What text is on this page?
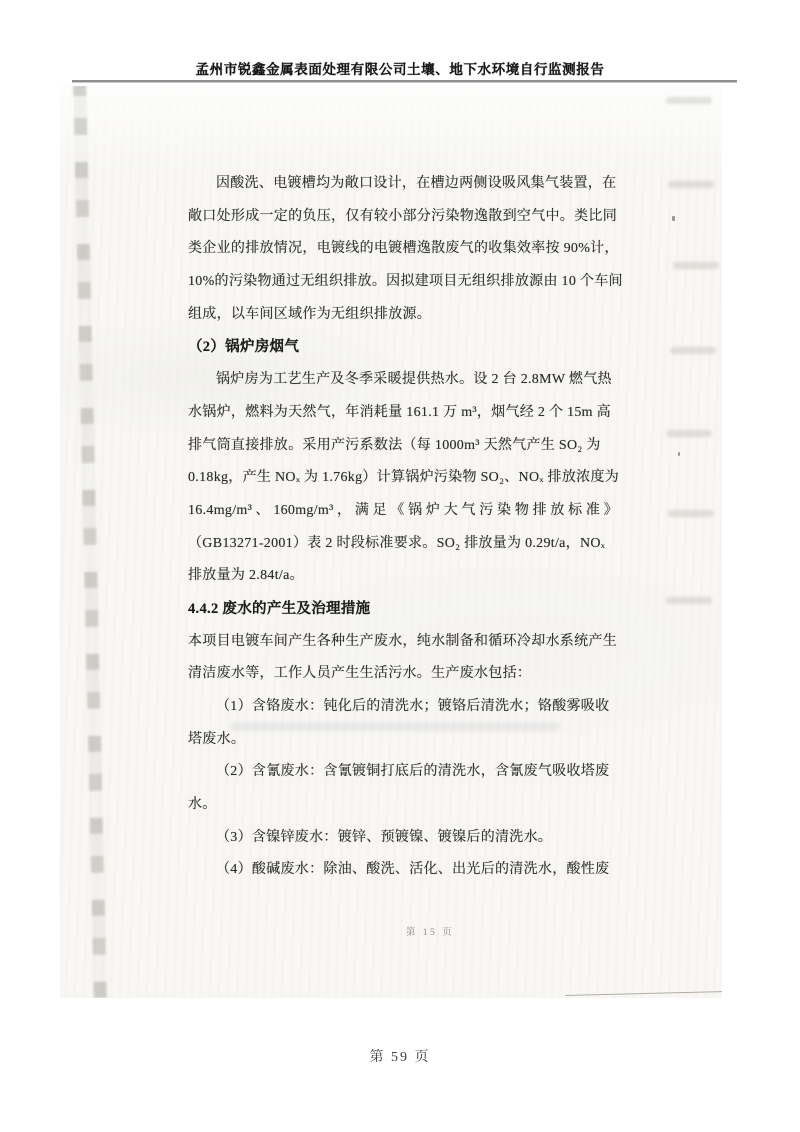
孟州市锐鑫金属表面处理有限公司土壤、地下水环境自行监测报告
因酸洗、电镀槽均为敞口设计，在槽边两侧设吸风集气装置，在
敞口处形成一定的负压，仅有较小部分污染物逸散到空气中。类比同
类企业的排放情况，电镀线的电镀槽逸散废气的收集效率按 90%计，
10%的污染物通过无组织排放。因拟建项目无组织排放源由 10 个车间
组成，以车间区域作为无组织排放源。
（2）锅炉房烟气
锅炉房为工艺生产及冬季采暖提供热水。设 2 台 2.8MW 燃气热
水锅炉，燃料为天然气，年消耗量 161.1 万 m³，烟气经 2 个 15m 高
排气筒直接排放。采用产污系数法（每 1000m³ 天然气产生 SO₂ 为
0.18kg，产生 NOₓ 为 1.76kg）计算锅炉污染物 SO₂、NOₓ 排放浓度为
16.4mg/m³、160mg/m³，满足《锅炉大气污染物排放标准》
（GB13271-2001）表 2 时段标准要求。SO₂ 排放量为 0.29t/a，NOₓ
排放量为 2.84t/a。
4.4.2 废水的产生及治理措施
本项目电镀车间产生各种生产废水，纯水制备和循环冷却水系统产生
清洁废水等，工作人员产生生活污水。生产废水包括：
（1）含铬废水：钝化后的清洗水；镀铬后清洗水；铬酸雾吸收
塔废水。
（2）含氰废水：含氰镀铜打底后的清洗水，含氰废气吸收塔废
水。
（3）含镍锌废水：镀锌、预镀镍、镀镍后的清洗水。
（4）酸碱废水：除油、酸洗、活化、出光后的清洗水，酸性废
第 15 页
第 59 页
